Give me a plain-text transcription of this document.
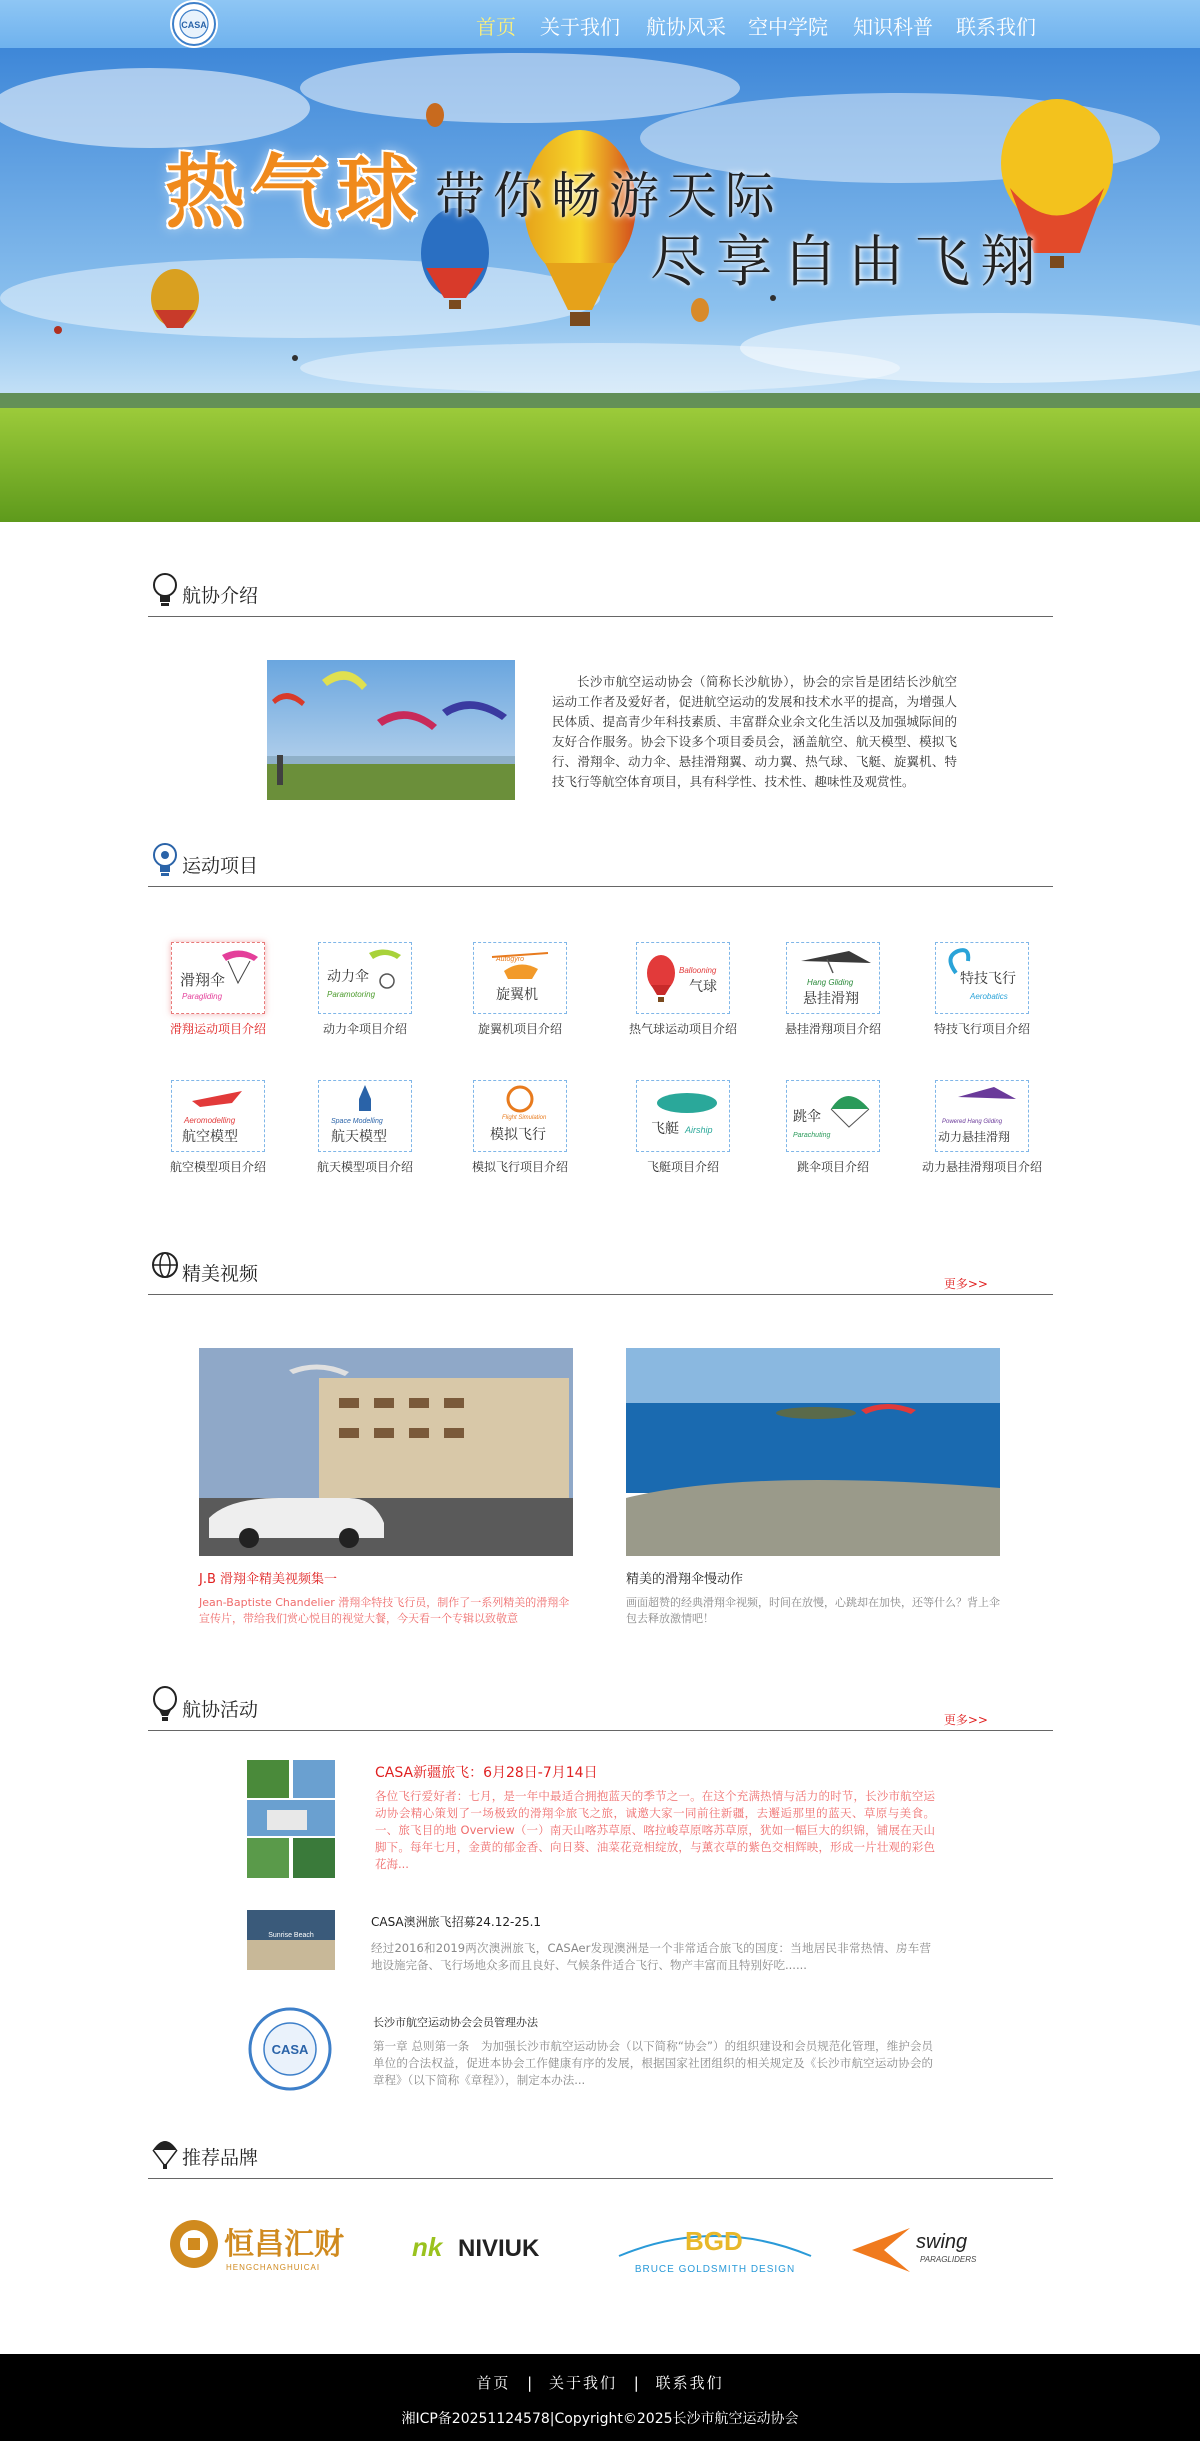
CASA	首页 关于我们 航协风采 空中学院 知识科普 联系我们
热气球 带你畅游天际
尽享自由飞翔
航协介绍
长沙市航空运动协会（简称长沙航协），协会的宗旨是团结长沙航空运动工作者及爱好者，促进航空运动的发展和技术水平的提高，为增强人民体质、提高青少年科技素质、丰富群众业余文化生活以及加强城际间的友好合作服务。协会下设多个项目委员会，涵盖航空、航天模型、模拟飞行、滑翔伞、动力伞、悬挂滑翔翼、动力翼、热气球、飞艇、旋翼机、特技飞行等航空体育项目，具有科学性、技术性、趣味性及观赏性。
运动项目
滑翔伞
Paragliding
滑翔运动项目介绍
动力伞
Paramotoring
动力伞项目介绍
Autogyro
旋翼机
旋翼机项目介绍
Ballooning
气球
热气球运动项目介绍
Hang Gliding
悬挂滑翔
悬挂滑翔项目介绍
特技飞行
Aerobatics
特技飞行项目介绍
Aeromodelling
航空模型
航空模型项目介绍
Space Modelling
航天模型
航天模型项目介绍
Flight Simulation
模拟飞行
模拟飞行项目介绍
飞艇 Airship
飞艇项目介绍
跳伞
Parachuting
跳伞项目介绍
Powered Hang Gliding
动力悬挂滑翔
动力悬挂滑翔项目介绍
精美视频	更多>>
J.B 滑翔伞精美视频集一
Jean-Baptiste Chandelier 滑翔伞特技飞行员，制作了一系列精美的滑翔伞宣传片，带给我们赏心悦目的视觉大餐，今天看一个专辑以致敬意
精美的滑翔伞慢动作
画面超赞的经典滑翔伞视频，时间在放慢，心跳却在加快，还等什么？背上伞包去释放激情吧！
航协活动	更多>>
CASA新疆旅飞：6月28日-7月14日
各位飞行爱好者：七月，是一年中最适合拥抱蓝天的季节之一。在这个充满热情与活力的时节，长沙市航空运动协会精心策划了一场极致的滑翔伞旅飞之旅，诚邀大家一同前往新疆，去邂逅那里的蓝天、草原与美食。一、旅飞目的地 Overview（一）南天山喀苏草原、喀拉峻草原喀苏草原，犹如一幅巨大的织锦，铺展在天山脚下。每年七月，金黄的郁金香、向日葵、油菜花竞相绽放，与薰衣草的紫色交相辉映，形成一片壮观的彩色花海...
Sunrise Beach
CASA澳洲旅飞招募24.12-25.1
经过2016和2019两次澳洲旅飞，CASAer发现澳洲是一个非常适合旅飞的国度：当地居民非常热情、房车营地设施完备、飞行场地众多而且良好、气候条件适合飞行、物产丰富而且特别好吃......
CASA
长沙市航空运动协会会员管理办法
第一章 总则第一条　为加强长沙市航空运动协会（以下简称“协会”）的组织建设和会员规范化管理，维护会员单位的合法权益，促进本协会工作健康有序的发展，根据国家社团组织的相关规定及《长沙市航空运动协会的章程》（以下简称《章程》），制定本办法...
推荐品牌
恒昌汇财
HENGCHANGHUICAI
nk NIVIUK	BGD
BRUCE GOLDSMITH DESIGN
swing
PARAGLIDERS
首页 | 关于我们 | 联系我们
湘ICP备20251124578|Copyright©2025长沙市航空运动协会
